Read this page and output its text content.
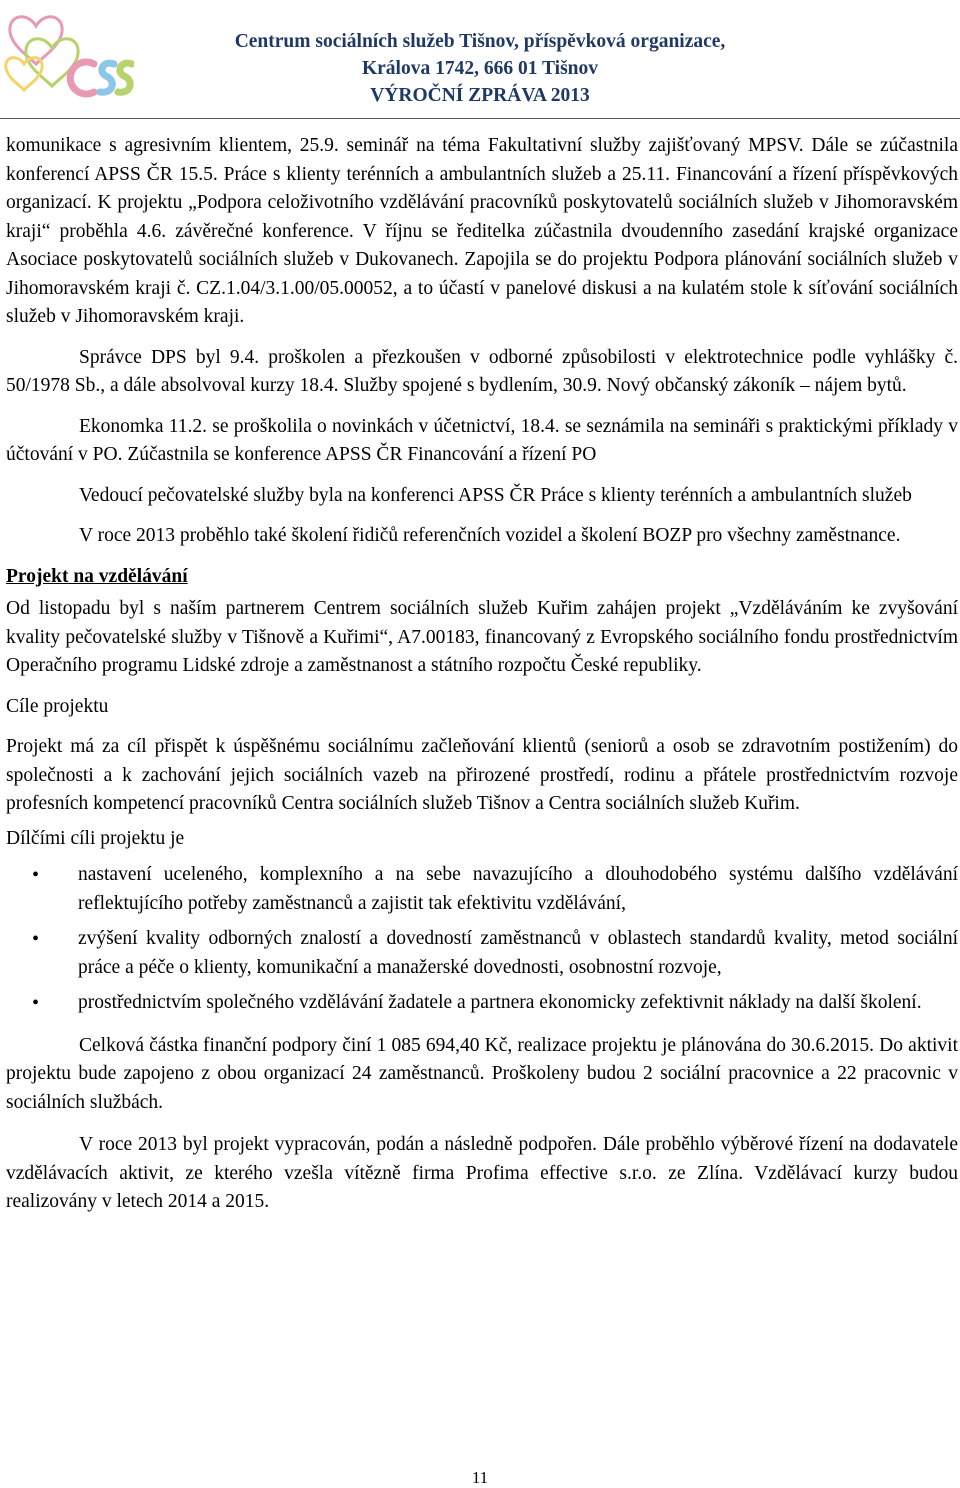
Centrum sociálních služeb Tišnov, příspěvková organizace,
Králova 1742, 666 01 Tišnov
VÝROČNÍ ZPRÁVA 2013

komunikace s agresivním klientem, 25.9. seminář na téma Fakultativní služby zajišťovaný MPSV. Dále se zúčastnila konferencí APSS ČR 15.5. Práce s klienty terénních a ambulantních služeb a 25.11. Financování a řízení příspěvkových organizací. K projektu „Podpora celoživotního vzdělávání pracovníků poskytovatelů sociálních služeb v Jihomoravském kraji“ proběhla 4.6. závěrečné konference. V říjnu se ředitelka zúčastnila dvoudenního zasedání krajské organizace Asociace poskytovatelů sociálních služeb v Dukovanech. Zapojila se do projektu Podpora plánování sociálních služeb v Jihomoravském kraji č. CZ.1.04/3.1.00/05.00052, a to účastí v panelové diskusi a na kulatém stole k síťování sociálních služeb v Jihomoravském kraji.

Správce DPS byl 9.4. proškolen a přezkoušen v odborné způsobilosti v elektrotechnice podle vyhlášky č. 50/1978 Sb., a dále absolvoval kurzy 18.4. Služby spojené s bydlením, 30.9. Nový občanský zákoník – nájem bytů.

Ekonomka 11.2. se proškolila o novinkách v účetnictví, 18.4. se seznámila na semináři s praktickými příklady v účtování v PO. Zúčastnila se konference APSS ČR Financování a řízení PO

Vedoucí pečovatelské služby byla na konferenci APSS ČR Práce s klienty terénních a ambulantních služeb

V roce 2013 proběhlo také školení řidičů referenčních vozidel a školení BOZP pro všechny zaměstnance.

Projekt na vzdělávání

Od listopadu byl s naším partnerem Centrem sociálních služeb Kuřim zahájen projekt „Vzděláváním ke zvyšování kvality pečovatelské služby v Tišnově a Kuřimi“, A7.00183, financovaný z Evropského sociálního fondu prostřednictvím Operačního programu Lidské zdroje a zaměstnanost a státního rozpočtu České republiky.

Cíle projektu

Projekt má za cíl přispět k úspěšnému sociálnímu začleňování klientů (seniorů a osob se zdravotním postižením) do společnosti a k zachování jejich sociálních vazeb na přirozené prostředí, rodinu a přátele prostřednictvím rozvoje profesních kompetencí pracovníků Centra sociálních služeb Tišnov a Centra sociálních služeb Kuřim.

Dílčími cíli projektu je

• nastavení uceleného, komplexního a na sebe navazujícího a dlouhodobého systému dalšího vzdělávání reflektujícího potřeby zaměstnanců a zajistit tak efektivitu vzdělávání,
• zvýšení kvality odborných znalostí a dovedností zaměstnanců v oblastech standardů kvality, metod sociální práce a péče o klienty, komunikační a manažerské dovednosti, osobnostní rozvoje,
• prostřednictvím společného vzdělávání žadatele a partnera ekonomicky zefektivnit náklady na další školení.

Celková částka finanční podpory činí 1 085 694,40 Kč, realizace projektu je plánována do 30.6.2015. Do aktivit projektu bude zapojeno z obou organizací 24 zaměstnanců. Proškoleny budou 2 sociální pracovnice a 22 pracovnic v sociálních službách.

V roce 2013 byl projekt vypracován, podán a následně podpořen. Dále proběhlo výběrové řízení na dodavatele vzdělávacích aktivit, ze kterého vzešla vítězně firma Profima effective s.r.o. ze Zlína. Vzdělávací kurzy budou realizovány v letech 2014 a 2015.

11
